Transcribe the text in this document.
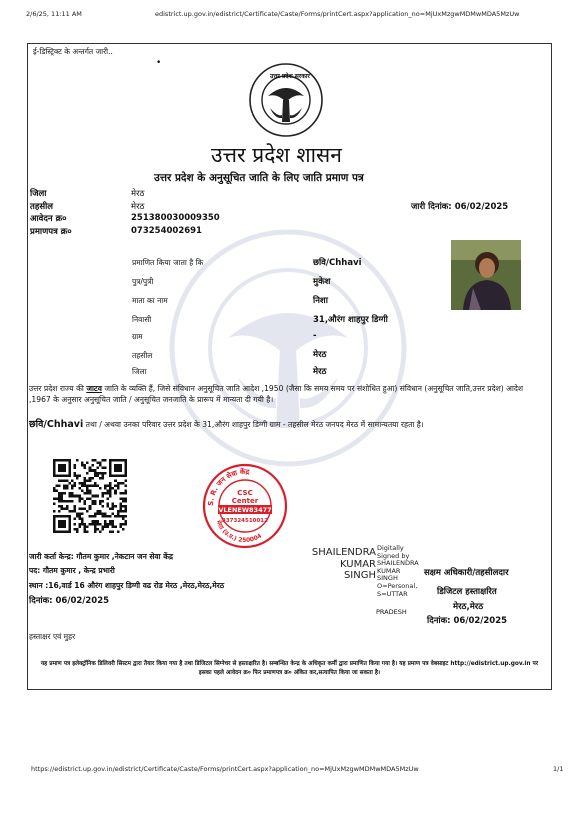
2/6/25, 11:11 AM	edistrict.up.gov.in/edistrict/Certificate/Caste/Forms/printCert.aspx?application_no=MjUxMzgwMDMwMDA5MzUw
ई-डिस्ट्रिक्ट के अन्तर्गत जारी..
•
उत्तर प्रदेश सरकार
उत्तर प्रदेश शासन
उत्तर प्रदेश के अनुसूचित जाति के लिए जाति प्रमाण पत्र
जिला	मेरठ
तहसील	मेरठ
आवेदन क्र०	251380030009350
प्रमाणपत्र क्र०	073254002691
जारी दिनांक: 06/02/2025
प्रमाणित किया जाता है कि	छवि/Chhavi
पुत्र/पुत्री	मुकेश
माता का नाम	निशा
निवासी	31,औरंग शाहपुर डिग्गी
ग्राम	-
तहसील	मेरठ
जिला	मेरठ
उत्तर प्रदेश राज्य की जाटव जाति के व्यक्ति हैं, जिसे संविधान अनुसूचित जाति आदेश ,1950 (जैसा कि समय समय पर संशोधित हुआ) संविधान (अनुसूचित जाति,उत्तर प्रदेश) आदेश ,1967 के अनुसार अनुसूचित जाति / अनुसूचित जनजाति के प्रारूप में मान्यता दी गयी है।
छवि/Chhavi तथा / अथवा उनका परिवार उत्तर प्रदेश के 31,औरंग शाहपुर डिग्गी ग्राम - तहसील मेरठ जनपद मेरठ में सामान्यतया रहता है।
S. R. जन सेवा केंद्र
मेरठ (उ.प्र.) 250004
CSC
Center
VLENEW83477
337324510012
जारी कर्ता केन्द्र: गौतम कुमार ,नेकटान जन सेवा केंद्र
पद: गौतम कुमार , केन्द्र प्रभारी
स्थान :16,वार्ड 16 औरंग शाहपुर डिग्गी वढ रोड मेरठ ,मेरठ,मेरठ,मेरठ
दिनांक: 06/02/2025
SHAILENDRA
KUMAR
SINGH
Digitally
Signed by
SHAILENDRA
KUMAR
SINGH
O=Personal,
S=UTTAR
PRADESH
सक्षम अधिकारी/तहसीलदार
डिजिटल हस्ताक्षरित
मेरठ,मेरठ
दिनांक: 06/02/2025
हस्ताक्षर एवं मुहर
यह प्रमाण पत्र इलेक्ट्रॉनिक डिलिवरी सिस्टम द्वारा तैयार किया गया है तथा डिजिटल सिग्नेचर से हस्ताक्षरित है। सम्बन्धित केन्द्र के अधिकृत कर्मी द्वारा प्रमाणित किया गया है। यह प्रमाण पत्र वेबसाइट http://edistrict.up.gov.in पर इसका पहले आवेदन क्र० फिर प्रमाणपत्र क्र० अंकित कर,सत्यापित किया जा सकता है।
https://edistrict.up.gov.in/edistrict/Certificate/Caste/Forms/printCert.aspx?application_no=MjUxMzgwMDMwMDA5MzUw	1/1
